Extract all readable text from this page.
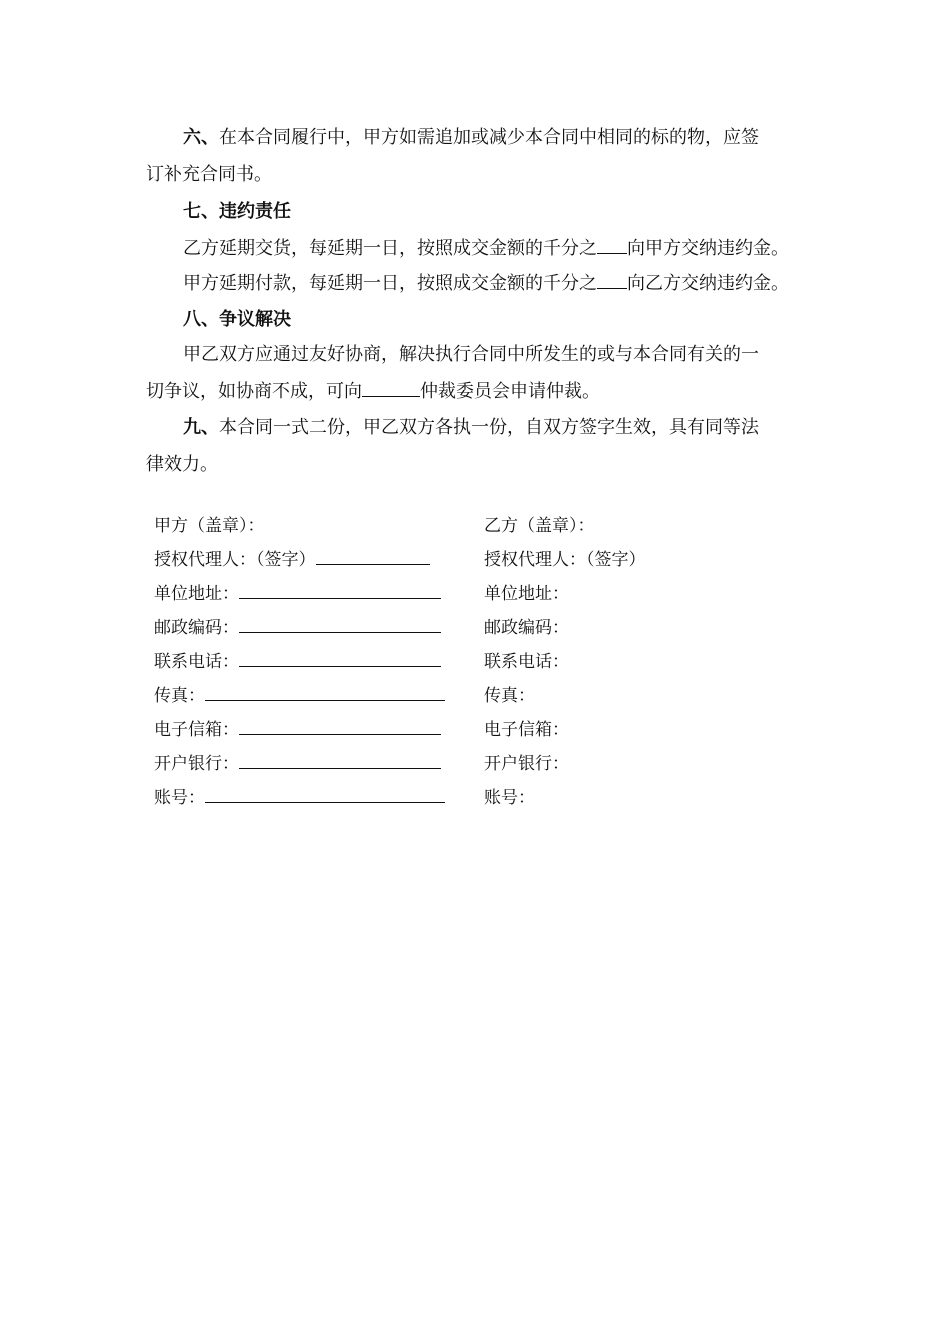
六、在本合同履行中，甲方如需追加或减少本合同中相同的标的物，应签
订补充合同书。
七、违约责任
乙方延期交货，每延期一日，按照成交金额的千分之 向甲方交纳违约金。
甲方延期付款，每延期一日，按照成交金额的千分之 向乙方交纳违约金。
八、争议解决
甲乙双方应通过友好协商，解决执行合同中所发生的或与本合同有关的一
切争议，如协商不成，可向	仲裁委员会申请仲裁。
九、本合同一式二份，甲乙双方各执一份，自双方签字生效，具有同等法
律效力。
甲方（盖章）：
授权代理人：（签字）
单位地址：
邮政编码：
联系电话：
传真：
电子信箱：
开户银行：
账号：
乙方（盖章）：
授权代理人：（签字）
单位地址：
邮政编码：
联系电话：
传真：
电子信箱：
开户银行：
账号：
